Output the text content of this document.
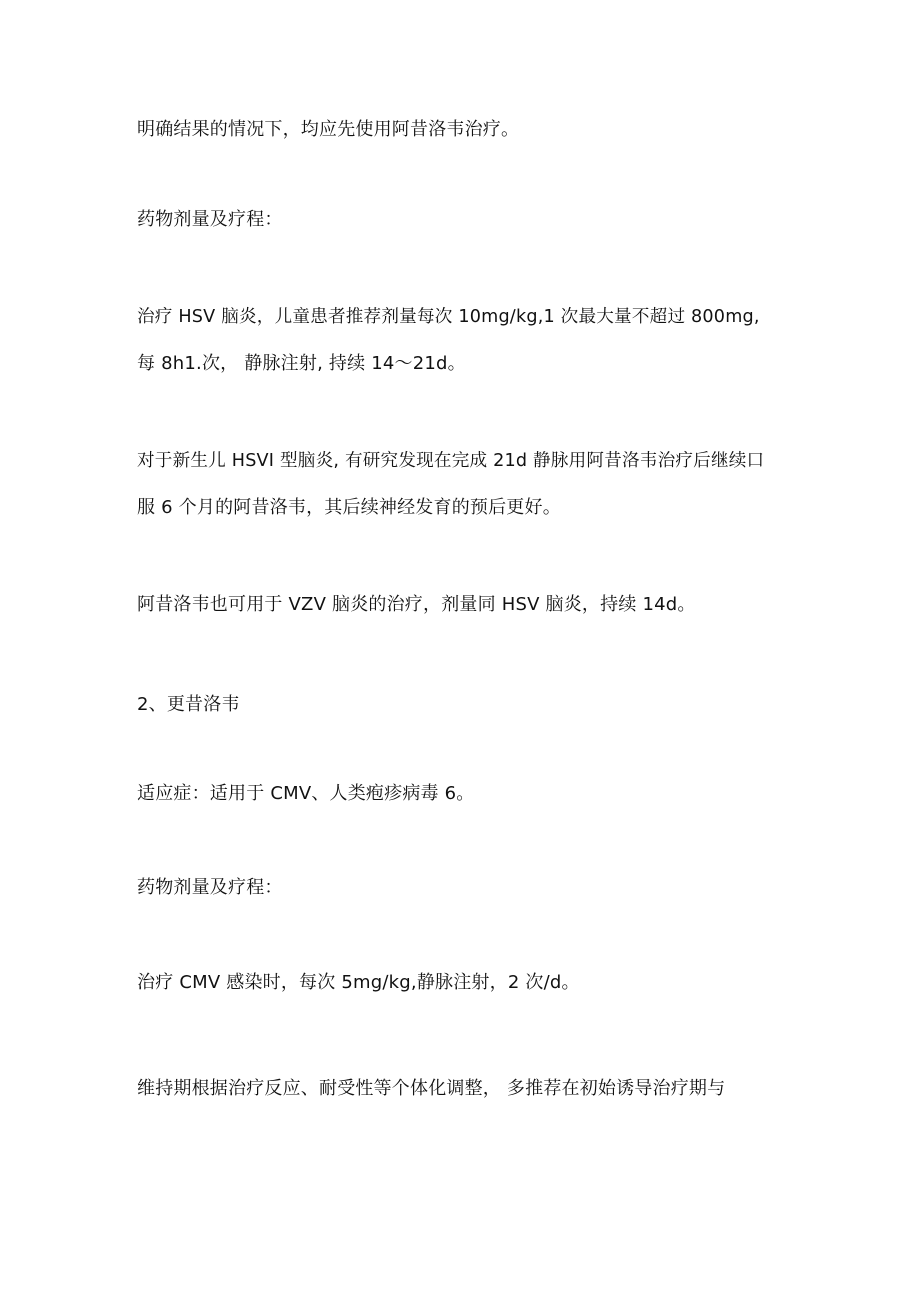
明确结果的情况下，均应先使用阿昔洛韦治疗。
药物剂量及疗程：
治疗 HSV 脑炎，儿童患者推荐剂量每次 10mg∕kg,1 次最大量不超过 800mg,
每 8h1.次， 静脉注射, 持续 14～21d。
对于新生儿 HSVI 型脑炎, 有研究发现在完成 21d 静脉用阿昔洛韦治疗后继续口
服 6 个月的阿昔洛韦，其后续神经发育的预后更好。
阿昔洛韦也可用于 VZV 脑炎的治疗，剂量同 HSV 脑炎，持续 14d。
2、更昔洛韦
适应症：适用于 CMV、人类疱疹病毒 6。
药物剂量及疗程：
治疗 CMV 感染时，每次 5mg∕kg,静脉注射，2 次/d。
维持期根据治疗反应、耐受性等个体化调整， 多推荐在初始诱导治疗期与
